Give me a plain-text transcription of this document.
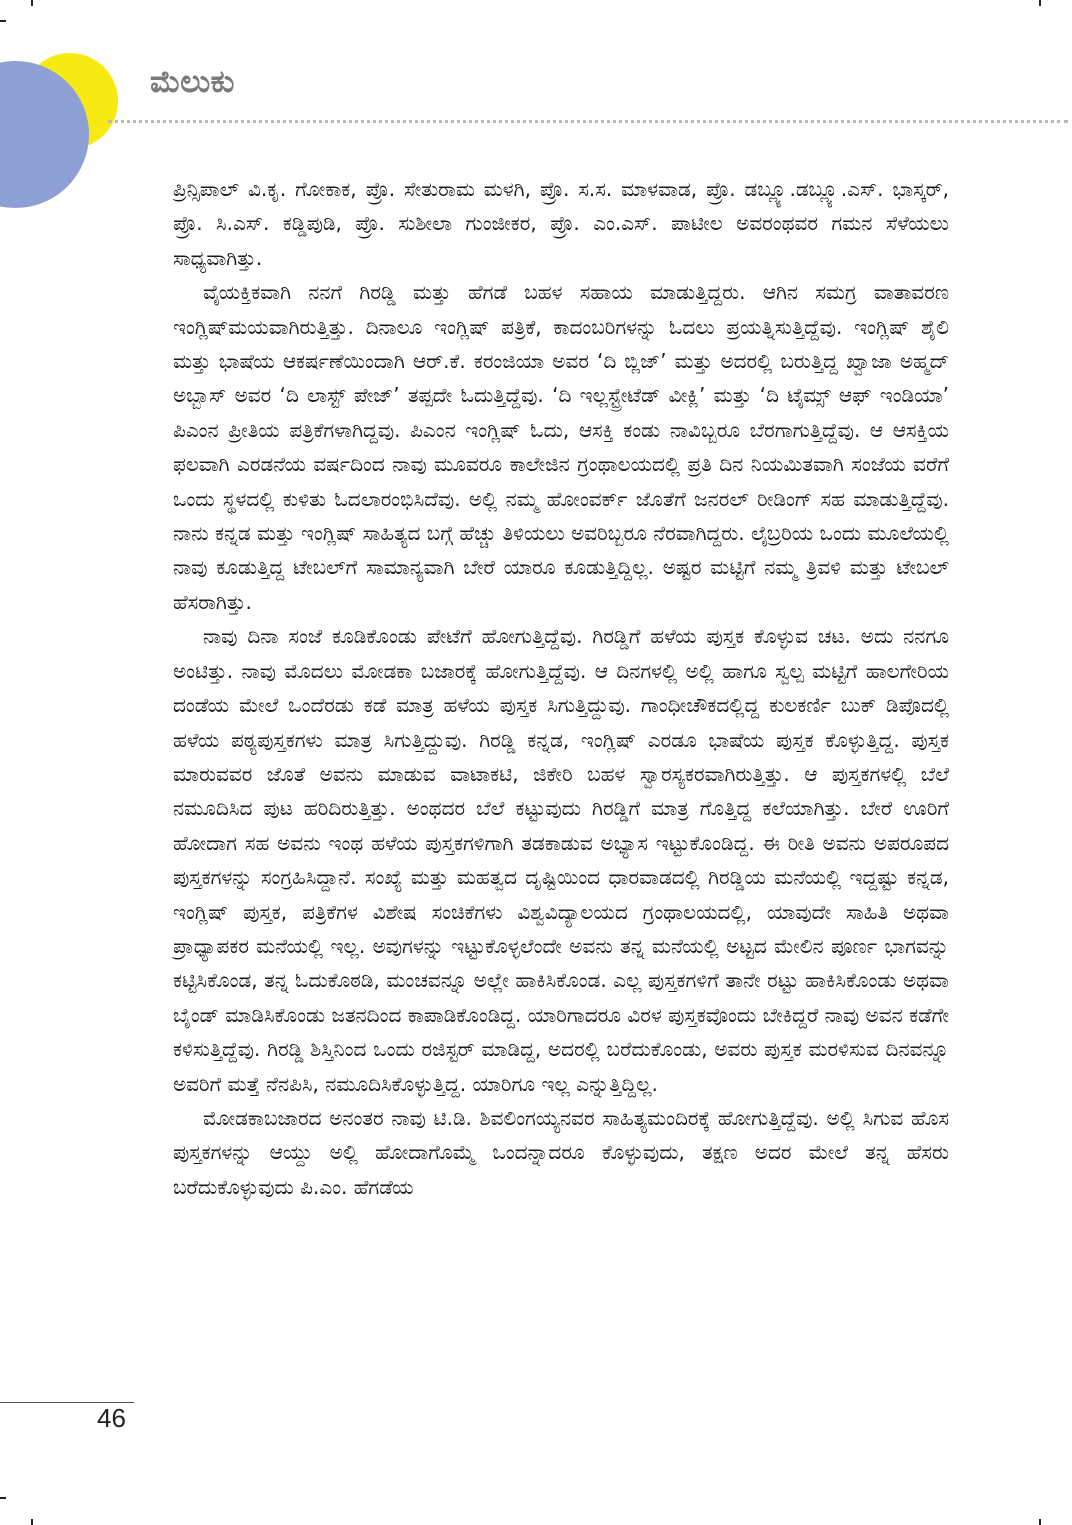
ಮೆಲುಕು

ಪ್ರಿನ್ಸಿಪಾಲ್ ವಿ.ಕೃ. ಗೋಕಾಕ, ಪ್ರೊ. ಸೇತುರಾಮ ಮಳಗಿ, ಪ್ರೊ. ಸ.ಸ. ಮಾಳವಾಡ, ಪ್ರೊ. ಡಬ್ಲ್ಯೂ.ಡಬ್ಲ್ಯೂ.ಎಸ್. ಭಾಸ್ಕರ್, ಪ್ರೊ. ಸಿ.ಎಸ್. ಕಡ್ಡಿಪುಡಿ, ಪ್ರೊ. ಸುಶೀಲಾ ಗುಂಜೀಕರ, ಪ್ರೊ. ಎಂ.ಎಸ್. ಪಾಟೀಲ ಅವರಂಥವರ ಗಮನ ಸೆಳೆಯಲು ಸಾಧ್ಯವಾಗಿತ್ತು.

ವೈಯಕ್ತಿಕವಾಗಿ ನನಗೆ ಗಿರಡ್ಡಿ ಮತ್ತು ಹೆಗಡೆ ಬಹಳ ಸಹಾಯ ಮಾಡುತ್ತಿದ್ದರು. ಆಗಿನ ಸಮಗ್ರ ವಾತಾವರಣ ಇಂಗ್ಲಿಷ್‌ಮಯವಾಗಿರುತ್ತಿತ್ತು. ದಿನಾಲೂ ಇಂಗ್ಲಿಷ್ ಪತ್ರಿಕೆ, ಕಾದಂಬರಿಗಳನ್ನು ಓದಲು ಪ್ರಯತ್ನಿಸುತ್ತಿದ್ದೆವು. ಇಂಗ್ಲಿಷ್ ಶೈಲಿ ಮತ್ತು ಭಾಷೆಯ ಆಕರ್ಷಣೆಯಿಂದಾಗಿ ಆರ್.ಕೆ. ಕರಂಜಿಯಾ ಅವರ ‘ದಿ ಬ್ಲಿಜ್’ ಮತ್ತು ಅದರಲ್ಲಿ ಬರುತ್ತಿದ್ದ ಖ್ವಾಜಾ ಅಹ್ಮದ್ ಅಬ್ಬಾಸ್ ಅವರ ‘ದಿ ಲಾಸ್ಟ್ ಪೇಜ್’ ತಪ್ಪದೇ ಓದುತ್ತಿದ್ದೆವು. ‘ದಿ ಇಲ್ಲಸ್ಟ್ರೇಟೆಡ್ ವೀಕ್ಲಿ’ ಮತ್ತು ‘ದಿ ಟೈಮ್ಸ್ ಆಫ್ ಇಂಡಿಯಾ’ ಪಿಎಂನ ಪ್ರೀತಿಯ ಪತ್ರಿಕೆಗಳಾಗಿದ್ದವು. ಪಿಎಂನ ಇಂಗ್ಲಿಷ್ ಓದು, ಆಸಕ್ತಿ ಕಂಡು ನಾವಿಬ್ಬರೂ ಬೆರಗಾಗುತ್ತಿದ್ದೆವು. ಆ ಆಸಕ್ತಿಯ ಫಲವಾಗಿ ಎರಡನೆಯ ವರ್ಷದಿಂದ ನಾವು ಮೂವರೂ ಕಾಲೇಜಿನ ಗ್ರಂಥಾಲಯದಲ್ಲಿ ಪ್ರತಿ ದಿನ ನಿಯಮಿತವಾಗಿ ಸಂಜೆಯ ವರೆಗೆ ಒಂದು ಸ್ಥಳದಲ್ಲಿ ಕುಳಿತು ಓದಲಾರಂಭಿಸಿದೆವು. ಅಲ್ಲಿ ನಮ್ಮ ಹೋಂವರ್ಕ್ ಜೊತೆಗೆ ಜನರಲ್ ರೀಡಿಂಗ್ ಸಹ ಮಾಡುತ್ತಿದ್ದೆವು. ನಾನು ಕನ್ನಡ ಮತ್ತು ಇಂಗ್ಲಿಷ್ ಸಾಹಿತ್ಯದ ಬಗ್ಗೆ ಹೆಚ್ಚು ತಿಳಿಯಲು ಅವರಿಬ್ಬರೂ ನೆರವಾಗಿದ್ದರು. ಲೈಬ್ರರಿಯ ಒಂದು ಮೂಲೆಯಲ್ಲಿ ನಾವು ಕೂಡುತ್ತಿದ್ದ ಟೇಬಲ್‌ಗೆ ಸಾಮಾನ್ಯವಾಗಿ ಬೇರೆ ಯಾರೂ ಕೂಡುತ್ತಿದ್ದಿಲ್ಲ. ಅಷ್ಟರ ಮಟ್ಟಿಗೆ ನಮ್ಮ ತ್ರಿವಳಿ ಮತ್ತು ಟೇಬಲ್ ಹೆಸರಾಗಿತ್ತು.

ನಾವು ದಿನಾ ಸಂಜೆ ಕೂಡಿಕೊಂಡು ಪೇಟೆಗೆ ಹೋಗುತ್ತಿದ್ದೆವು. ಗಿರಡ್ಡಿಗೆ ಹಳೆಯ ಪುಸ್ತಕ ಕೊಳ್ಳುವ ಚಟ. ಅದು ನನಗೂ ಅಂಟಿತ್ತು. ನಾವು ಮೊದಲು ಮೋಡಕಾ ಬಜಾರಕ್ಕೆ ಹೋಗುತ್ತಿದ್ದೆವು. ಆ ದಿನಗಳಲ್ಲಿ ಅಲ್ಲಿ ಹಾಗೂ ಸ್ವಲ್ಪ ಮಟ್ಟಿಗೆ ಹಾಲಗೇರಿಯ ದಂಡೆಯ ಮೇಲೆ ಒಂದೆರಡು ಕಡೆ ಮಾತ್ರ ಹಳೆಯ ಪುಸ್ತಕ ಸಿಗುತ್ತಿದ್ದುವು. ಗಾಂಧೀಚೌಕದಲ್ಲಿದ್ದ ಕುಲಕರ್ಣಿ ಬುಕ್ ಡಿಪೊದಲ್ಲಿ ಹಳೆಯ ಪಠ್ಯಪುಸ್ತಕಗಳು ಮಾತ್ರ ಸಿಗುತ್ತಿದ್ದುವು. ಗಿರಡ್ಡಿ ಕನ್ನಡ, ಇಂಗ್ಲಿಷ್ ಎರಡೂ ಭಾಷೆಯ ಪುಸ್ತಕ ಕೊಳ್ಳುತ್ತಿದ್ದ. ಪುಸ್ತಕ ಮಾರುವವರ ಜೊತೆ ಅವನು ಮಾಡುವ ವಾಟಾಕಟಿ, ಜಿಕೇರಿ ಬಹಳ ಸ್ವಾರಸ್ಯಕರವಾಗಿರುತ್ತಿತ್ತು. ಆ ಪುಸ್ತಕಗಳಲ್ಲಿ ಬೆಲೆ ನಮೂದಿಸಿದ ಪುಟ ಹರಿದಿರುತ್ತಿತ್ತು. ಅಂಥದರ ಬೆಲೆ ಕಟ್ಟುವುದು ಗಿರಡ್ಡಿಗೆ ಮಾತ್ರ ಗೊತ್ತಿದ್ದ ಕಲೆಯಾಗಿತ್ತು. ಬೇರೆ ಊರಿಗೆ ಹೋದಾಗ ಸಹ ಅವನು ಇಂಥ ಹಳೆಯ ಪುಸ್ತಕಗಳಿಗಾಗಿ ತಡಕಾಡುವ ಅಭ್ಯಾಸ ಇಟ್ಟುಕೊಂಡಿದ್ದ. ಈ ರೀತಿ ಅವನು ಅಪರೂಪದ ಪುಸ್ತಕಗಳನ್ನು ಸಂಗ್ರಹಿಸಿದ್ದಾನೆ. ಸಂಖ್ಯೆ ಮತ್ತು ಮಹತ್ವದ ದೃಷ್ಟಿಯಿಂದ ಧಾರವಾಡದಲ್ಲಿ ಗಿರಡ್ಡಿಯ ಮನೆಯಲ್ಲಿ ಇದ್ದಷ್ಟು ಕನ್ನಡ, ಇಂಗ್ಲಿಷ್ ಪುಸ್ತಕ, ಪತ್ರಿಕೆಗಳ ವಿಶೇಷ ಸಂಚಿಕೆಗಳು ವಿಶ್ವವಿದ್ಯಾಲಯದ ಗ್ರಂಥಾಲಯದಲ್ಲಿ, ಯಾವುದೇ ಸಾಹಿತಿ ಅಥವಾ ಪ್ರಾಧ್ಯಾಪಕರ ಮನೆಯಲ್ಲಿ ಇಲ್ಲ. ಅವುಗಳನ್ನು ಇಟ್ಟುಕೊಳ್ಳಲೆಂದೇ ಅವನು ತನ್ನ ಮನೆಯಲ್ಲಿ ಅಟ್ಟದ ಮೇಲಿನ ಪೂರ್ಣ ಭಾಗವನ್ನು ಕಟ್ಟಿಸಿಕೊಂಡ, ತನ್ನ ಓದುಕೊಠಡಿ, ಮಂಚವನ್ನೂ ಅಲ್ಲೇ ಹಾಕಿಸಿಕೊಂಡ. ಎಲ್ಲ ಪುಸ್ತಕಗಳಿಗೆ ತಾನೇ ರಟ್ಟು ಹಾಕಿಸಿಕೊಂಡು ಅಥವಾ ಬೈಂಡ್ ಮಾಡಿಸಿಕೊಂಡು ಜತನದಿಂದ ಕಾಪಾಡಿಕೊಂಡಿದ್ದ. ಯಾರಿಗಾದರೂ ವಿರಳ ಪುಸ್ತಕವೊಂದು ಬೇಕಿದ್ದರೆ ನಾವು ಅವನ ಕಡೆಗೇ ಕಳಿಸುತ್ತಿದ್ದೆವು. ಗಿರಡ್ಡಿ ಶಿಸ್ತಿನಿಂದ ಒಂದು ರಜಿಸ್ಟರ್ ಮಾಡಿದ್ದ, ಅದರಲ್ಲಿ ಬರೆದುಕೊಂಡು, ಅವರು ಪುಸ್ತಕ ಮರಳಿಸುವ ದಿನವನ್ನೂ ಅವರಿಗೆ ಮತ್ತೆ ನೆನಪಿಸಿ, ನಮೂದಿಸಿಕೊಳ್ಳುತ್ತಿದ್ದ. ಯಾರಿಗೂ ಇಲ್ಲ ಎನ್ನುತ್ತಿದ್ದಿಲ್ಲ.

ಮೋಡಕಾಬಜಾರದ ಅನಂತರ ನಾವು ಟಿ.ಡಿ. ಶಿವಲಿಂಗಯ್ಯನವರ ಸಾಹಿತ್ಯಮಂದಿರಕ್ಕೆ ಹೋಗುತ್ತಿದ್ದೆವು. ಅಲ್ಲಿ ಸಿಗುವ ಹೊಸ ಪುಸ್ತಕಗಳನ್ನು ಆಯ್ದು ಅಲ್ಲಿ ಹೋದಾಗೊಮ್ಮೆ ಒಂದನ್ನಾದರೂ ಕೊಳ್ಳುವುದು, ತಕ್ಷಣ ಅದರ ಮೇಲೆ ತನ್ನ ಹೆಸರು ಬರೆದುಕೊಳ್ಳುವುದು ಪಿ.ಎಂ. ಹೆಗಡೆಯ

46
